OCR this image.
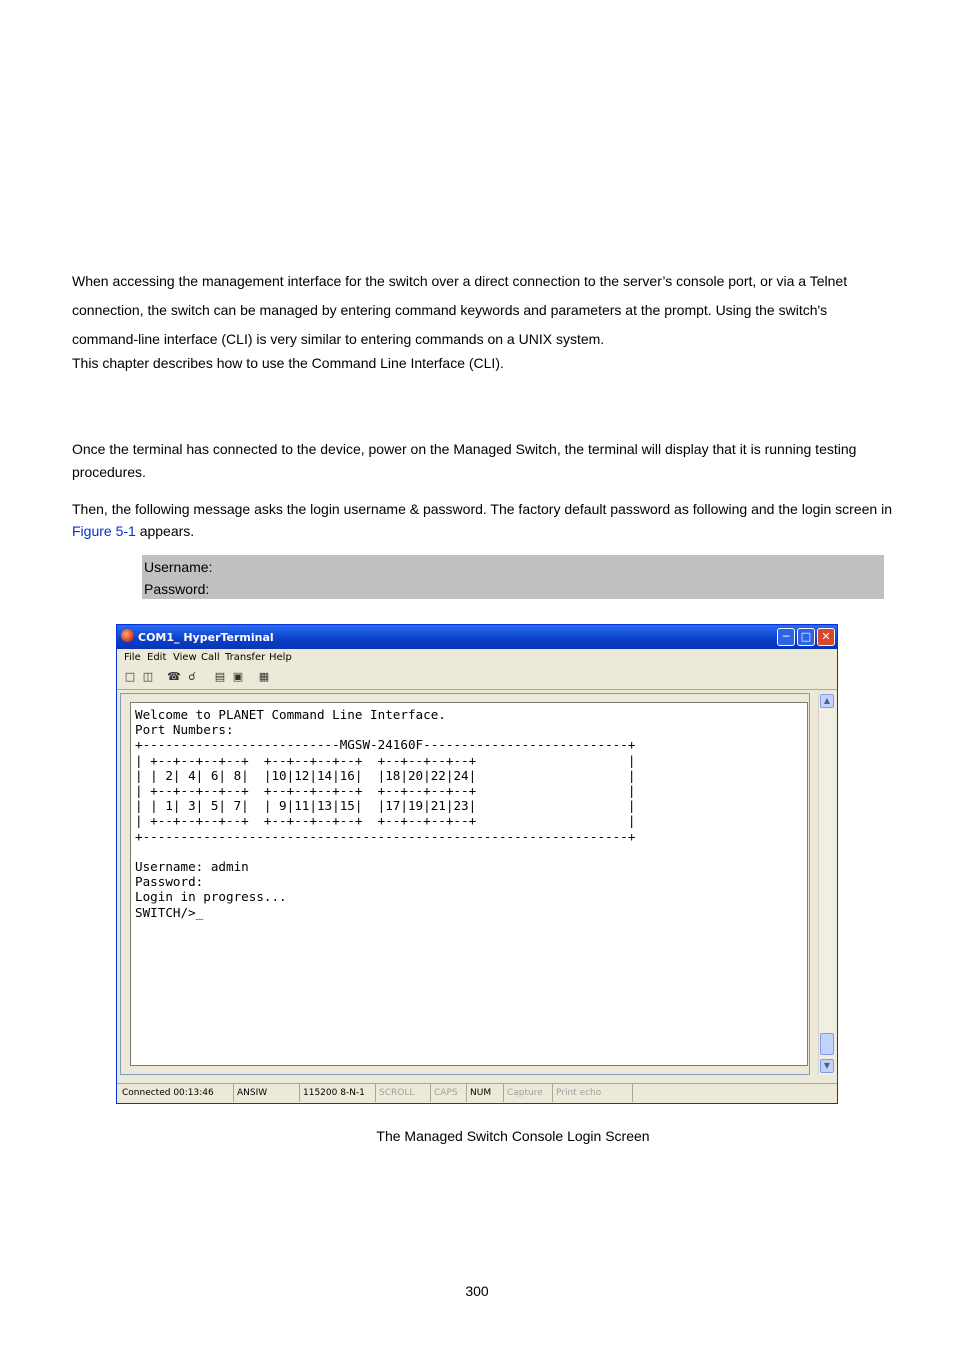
When accessing the management interface for the switch over a direct connection to the server’s console port, or via a Telnet connection, the switch can be managed by entering command keywords and parameters at the prompt. Using the switch's command-line interface (CLI) is very similar to entering commands on a UNIX system.

This chapter describes how to use the Command Line Interface (CLI).

Once the terminal has connected to the device, power on the Managed Switch, the terminal will display that it is running testing procedures.

Then, the following message asks the login username & password. The factory default password as following and the login screen in Figure 5-1 appears.

Username:
Password:
COM1_ HyperTerminal	─	□ ✕
File Edit View Call Transfer Help
□ ◫ ☎ ☌	▤ ▣ ▦
Welcome to PLANET Command Line Interface.
Port Numbers:
+--------------------------MGSW-24160F---------------------------+
| +--+--+--+--+  +--+--+--+--+  +--+--+--+--+                    |
| | 2| 4| 6| 8|  |10|12|14|16|  |18|20|22|24|                    |
| +--+--+--+--+  +--+--+--+--+  +--+--+--+--+                    |
| | 1| 3| 5| 7|  | 9|11|13|15|  |17|19|21|23|                    |
| +--+--+--+--+  +--+--+--+--+  +--+--+--+--+                    |
+----------------------------------------------------------------+

Username: admin
Password:
Login in progress...
SWITCH/>_
▲
▼
Connected 00:13:46	ANSIW	115200 8-N-1	SCROLL	CAPS	NUM	Capture	Print echo

The Managed Switch Console Login Screen

300
